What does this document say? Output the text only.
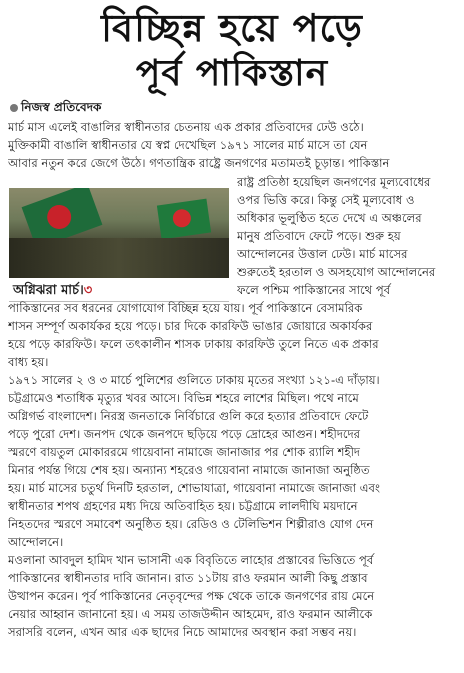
বিচ্ছিন্ন হয়ে পড়ে
পূর্ব পাকিস্তান
নিজস্ব প্রতিবেদক
মার্চ মাস এলেই বাঙালির স্বাধীনতার চেতনায় এক প্রকার প্রতিবাদের ঢেউ ওঠে।
মুক্তিকামী বাঙালি স্বাধীনতার যে স্বপ্ন দেখেছিল ১৯৭১ সালের মার্চ মাসে তা যেন
আবার নতুন করে জেগে উঠে। গণতান্ত্রিক রাষ্ট্রে জনগণের মতামতই চূড়ান্ত। পাকিস্তান
অগ্নিঝরা মার্চ।৩
রাষ্ট্র প্রতিষ্ঠা হয়েছিল জনগণের মূল্যবোধের
ওপর ভিত্তি করে। কিন্তু সেই মূল্যবোধ ও
অধিকার ভূলুণ্ঠিত হতে দেখে এ অঞ্চলের
মানুষ প্রতিবাদে ফেটে পড়ে। শুরু হয়
আন্দোলনের উত্তাল ঢেউ। মার্চ মাসের
শুরুতেই হরতাল ও অসহযোগ আন্দোলনের
ফলে পশ্চিম পাকিস্তানের সাথে পূর্ব
পাকিস্তানের সব ধরনের যোগাযোগ বিচ্ছিন্ন হয়ে যায়। পূর্ব পাকিস্তানে বেসামরিক
শাসন সম্পূর্ণ অকার্যকর হয়ে পড়ে। চার দিকে কারফিউ ভাঙার জোয়ারে অকার্যকর
হয়ে পড়ে কারফিউ। ফলে তৎকালীন শাসক ঢাকায় কারফিউ তুলে নিতে এক প্রকার
বাধ্য হয়।
১৯৭১ সালের ২ ও ৩ মার্চে পুলিশের গুলিতে ঢাকায় মৃতের সংখ্যা ১২১-এ দাঁড়ায়।
চট্টগ্রামেও শতাধিক মৃত্যুর খবর আসে। বিভিন্ন শহরে লাশের মিছিল। পথে নামে
অগ্নিগর্ভ বাংলাদেশ। নিরস্ত্র জনতাকে নির্বিচারে গুলি করে হত্যার প্রতিবাদে ফেটে
পড়ে পুরো দেশ। জনপদ থেকে জনপদে ছড়িয়ে পড়ে দ্রোহের আগুন। শহীদদের
স্মরণে বায়তুল মোকাররমে গায়েবানা নামাজে জানাজার পর শোক র‍্যালি শহীদ
মিনার পর্যন্ত গিয়ে শেষ হয়। অন্যান্য শহরেও গায়েবানা নামাজে জানাজা অনুষ্ঠিত
হয়। মার্চ মাসের চতুর্থ দিনটি হরতাল, শোভাযাত্রা, গায়েবানা নামাজে জানাজা এবং
স্বাধীনতার শপথ গ্রহণের মধ্য দিয়ে অতিবাহিত হয়। চট্টগ্রামে লালদীঘি ময়দানে
নিহতদের স্মরণে সমাবেশ অনুষ্ঠিত হয়। রেডিও ও টেলিভিশন শিল্পীরাও যোগ দেন
আন্দোলনে।
মওলানা আবদুল হামিদ খান ভাসানী এক বিবৃতিতে লাহোর প্রস্তাবের ভিত্তিতে পূর্ব
পাকিস্তানের স্বাধীনতার দাবি জানান। রাত ১১টায় রাও ফরমান আলী কিছু প্রস্তাব
উত্থাপন করেন। পূর্ব পাকিস্তানের নেতৃবৃন্দের পক্ষ থেকে তাকে জনগণের রায় মেনে
নেয়ার আহ্বান জানানো হয়। এ সময় তাজউদ্দীন আহমেদ, রাও ফরমান আলীকে
সরাসরি বলেন, এখন আর এক ছাদের নিচে আমাদের অবস্থান করা সম্ভব নয়।
